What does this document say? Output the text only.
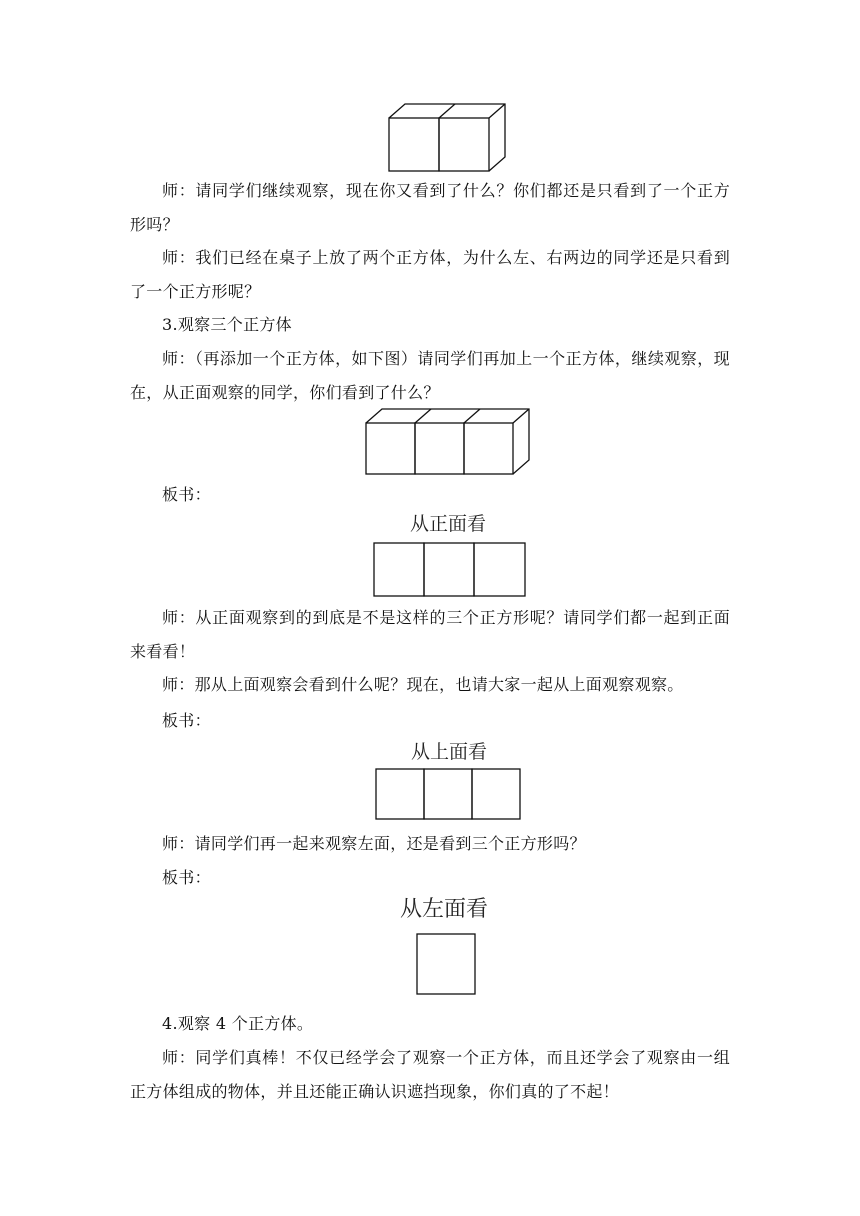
师：请同学们继续观察，现在你又看到了什么？你们都还是只看到了一个正方形吗？

师：我们已经在桌子上放了两个正方体，为什么左、右两边的同学还是只看到了一个正方形呢？

3.观察三个正方体

师：（再添加一个正方体，如下图）请同学们再加上一个正方体，继续观察，现在，从正面观察的同学，你们看到了什么？

板书：

从正面看

师：从正面观察到的到底是不是这样的三个正方形呢？请同学们都一起到正面来看看！

师：那从上面观察会看到什么呢？现在，也请大家一起从上面观察观察。

板书：

从上面看

师：请同学们再一起来观察左面，还是看到三个正方形吗？

板书：

从左面看

4.观察 4 个正方体。

师：同学们真棒！不仅已经学会了观察一个正方体，而且还学会了观察由一组正方体组成的物体，并且还能正确认识遮挡现象，你们真的了不起！
